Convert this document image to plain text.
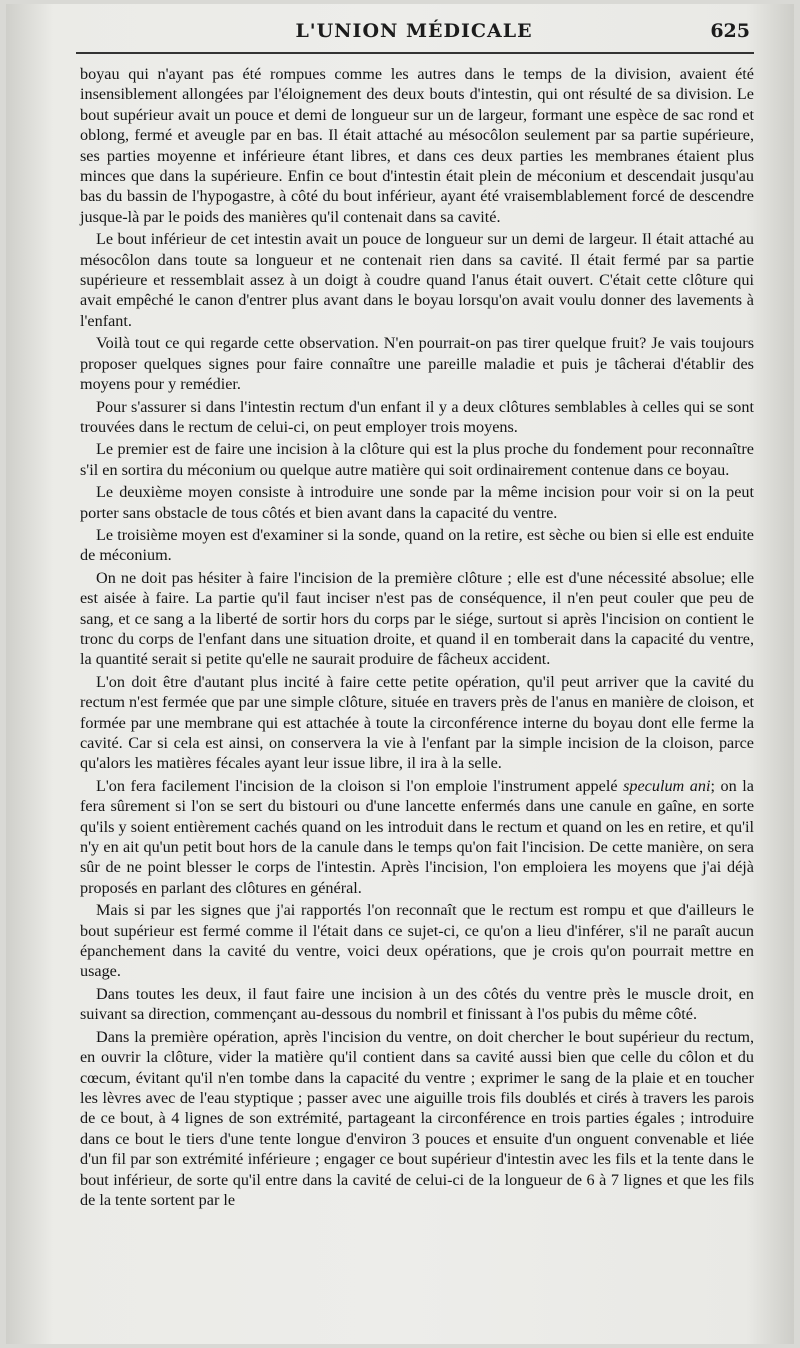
L'UNION MÉDICALE	625

boyau qui n'ayant pas été rompues comme les autres dans le temps de la division, avaient été insensiblement allongées par l'éloignement des deux bouts d'intestin, qui ont résulté de sa division. Le bout supérieur avait un pouce et demi de longueur sur un de largeur, formant une espèce de sac rond et oblong, fermé et aveugle par en bas. Il était attaché au mésocôlon seulement par sa partie supérieure, ses parties moyenne et inférieure étant libres, et dans ces deux parties les membranes étaient plus minces que dans la supérieure. Enfin ce bout d'intestin était plein de méconium et descendait jusqu'au bas du bassin de l'hypogastre, à côté du bout inférieur, ayant été vraisemblablement forcé de descendre jusque-là par le poids des manières qu'il contenait dans sa cavité.

Le bout inférieur de cet intestin avait un pouce de longueur sur un demi de largeur. Il était attaché au mésocôlon dans toute sa longueur et ne contenait rien dans sa cavité. Il était fermé par sa partie supérieure et ressemblait assez à un doigt à coudre quand l'anus était ouvert. C'était cette clôture qui avait empêché le canon d'entrer plus avant dans le boyau lorsqu'on avait voulu donner des lavements à l'enfant.

Voilà tout ce qui regarde cette observation. N'en pourrait-on pas tirer quelque fruit? Je vais toujours proposer quelques signes pour faire connaître une pareille maladie et puis je tâcherai d'établir des moyens pour y remédier.

Pour s'assurer si dans l'intestin rectum d'un enfant il y a deux clôtures semblables à celles qui se sont trouvées dans le rectum de celui-ci, on peut employer trois moyens.

Le premier est de faire une incision à la clôture qui est la plus proche du fondement pour reconnaître s'il en sortira du méconium ou quelque autre matière qui soit ordinairement contenue dans ce boyau.

Le deuxième moyen consiste à introduire une sonde par la même incision pour voir si on la peut porter sans obstacle de tous côtés et bien avant dans la capacité du ventre.

Le troisième moyen est d'examiner si la sonde, quand on la retire, est sèche ou bien si elle est enduite de méconium.

On ne doit pas hésiter à faire l'incision de la première clôture ; elle est d'une nécessité absolue; elle est aisée à faire. La partie qu'il faut inciser n'est pas de conséquence, il n'en peut couler que peu de sang, et ce sang a la liberté de sortir hors du corps par le siége, surtout si après l'incision on contient le tronc du corps de l'enfant dans une situation droite, et quand il en tomberait dans la capacité du ventre, la quantité serait si petite qu'elle ne saurait produire de fâcheux accident.

L'on doit être d'autant plus incité à faire cette petite opération, qu'il peut arriver que la cavité du rectum n'est fermée que par une simple clôture, située en travers près de l'anus en manière de cloison, et formée par une membrane qui est attachée à toute la circonférence interne du boyau dont elle ferme la cavité. Car si cela est ainsi, on conservera la vie à l'enfant par la simple incision de la cloison, parce qu'alors les matières fécales ayant leur issue libre, il ira à la selle.

L'on fera facilement l'incision de la cloison si l'on emploie l'instrument appelé speculum ani; on la fera sûrement si l'on se sert du bistouri ou d'une lancette enfermés dans une canule en gaîne, en sorte qu'ils y soient entièrement cachés quand on les introduit dans le rectum et quand on les en retire, et qu'il n'y en ait qu'un petit bout hors de la canule dans le temps qu'on fait l'incision. De cette manière, on sera sûr de ne point blesser le corps de l'intestin. Après l'incision, l'on emploiera les moyens que j'ai déjà proposés en parlant des clôtures en général.

Mais si par les signes que j'ai rapportés l'on reconnaît que le rectum est rompu et que d'ailleurs le bout supérieur est fermé comme il l'était dans ce sujet-ci, ce qu'on a lieu d'inférer, s'il ne paraît aucun épanchement dans la cavité du ventre, voici deux opérations, que je crois qu'on pourrait mettre en usage.

Dans toutes les deux, il faut faire une incision à un des côtés du ventre près le muscle droit, en suivant sa direction, commençant au-dessous du nombril et finissant à l'os pubis du même côté.

Dans la première opération, après l'incision du ventre, on doit chercher le bout supérieur du rectum, en ouvrir la clôture, vider la matière qu'il contient dans sa cavité aussi bien que celle du côlon et du cœcum, évitant qu'il n'en tombe dans la capacité du ventre ; exprimer le sang de la plaie et en toucher les lèvres avec de l'eau styptique ; passer avec une aiguille trois fils doublés et cirés à travers les parois de ce bout, à 4 lignes de son extrémité, partageant la circonférence en trois parties égales ; introduire dans ce bout le tiers d'une tente longue d'environ 3 pouces et ensuite d'un onguent convenable et liée d'un fil par son extrémité inférieure ; engager ce bout supérieur d'intestin avec les fils et la tente dans le bout inférieur, de sorte qu'il entre dans la cavité de celui-ci de la longueur de 6 à 7 lignes et que les fils de la tente sortent par le
